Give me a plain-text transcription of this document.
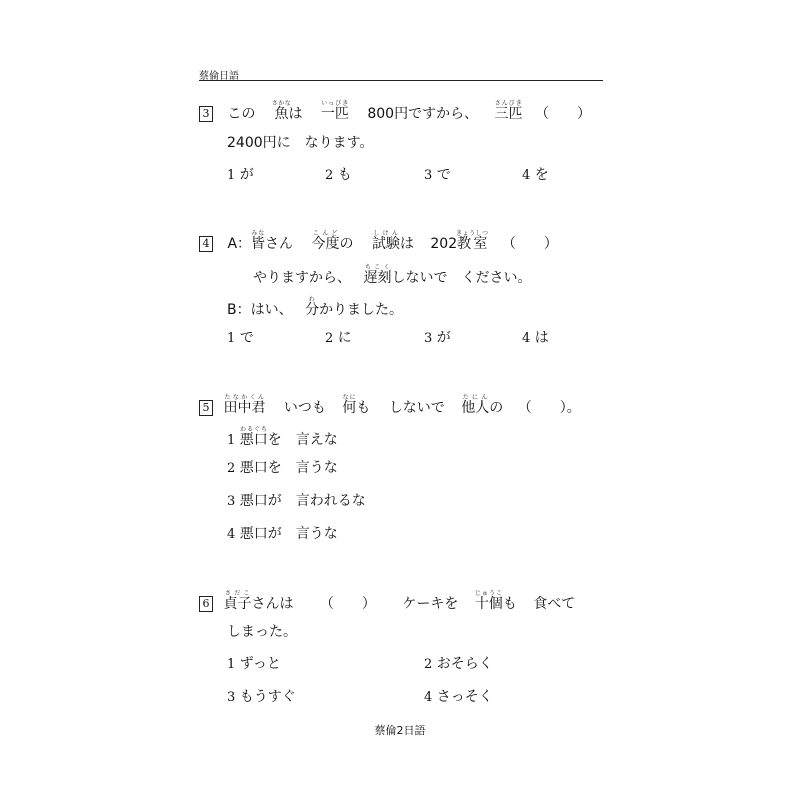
蔡倫日語
3 この 魚さかなは 一匹いっぴき 800円ですから、 三匹さんびき （　　）
2400円に　なります。
1 が	2 も	3 で	4 を
4 A：皆みなさん 今度こんどの 試験しけんは 202教室きょうしつ （　　）
やりますから、 遅刻ちこくしないで　ください。
B：はい、 分わかりました。
1 で	2 に	3 が	4 は
5 田中君たなかくん いつも 何なにも しないで 他人たにんの （　　）。
1 悪口わるぐちを　言えな
2 悪口を　言うな
3 悪口が　言われるな
4 悪口が　言うな
6 貞子さだこさんは （　　） ケーキを 十個じゅうこも 食べて
しまった。
1 ずっと	2 おそらく
3 もうすぐ	4 さっそく
蔡倫2日語
